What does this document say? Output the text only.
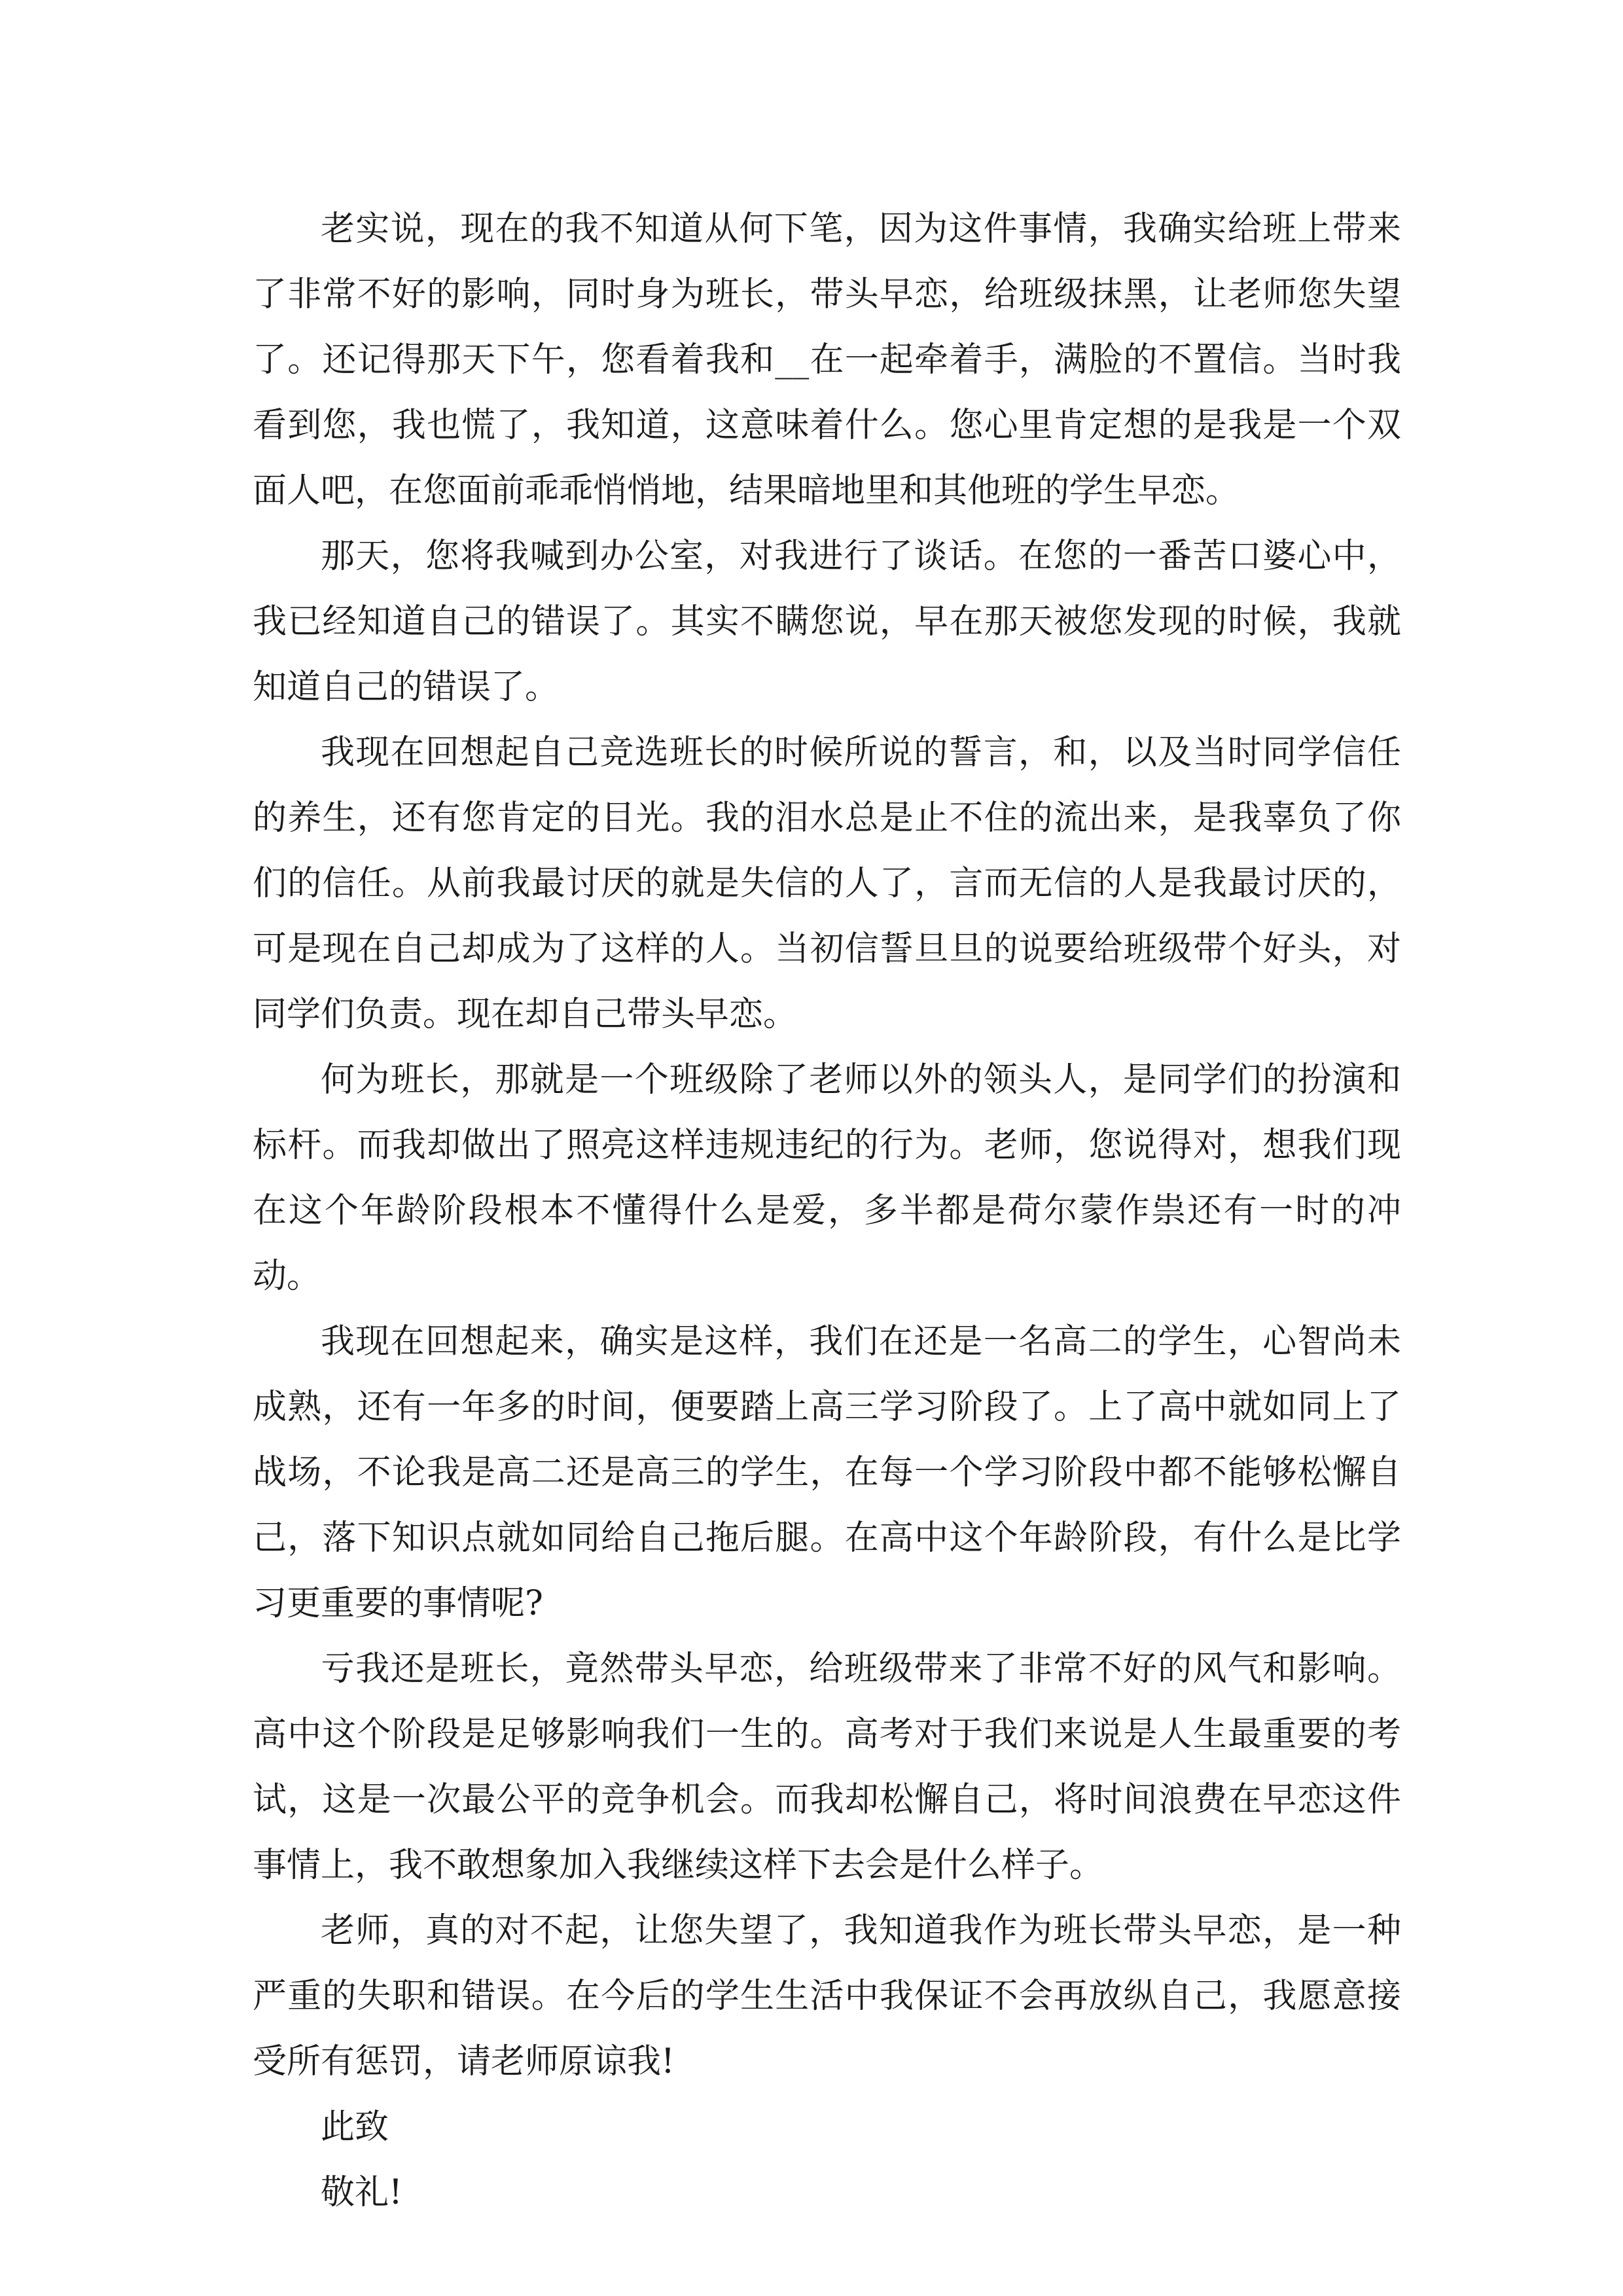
老实说，现在的我不知道从何下笔，因为这件事情，我确实给班上带来了非常不好的影响，同时身为班长，带头早恋，给班级抹黑，让老师您失望了。还记得那天下午，您看着我和__在一起牵着手，满脸的不置信。当时我看到您，我也慌了，我知道，这意味着什么。您心里肯定想的是我是一个双面人吧，在您面前乖乖悄悄地，结果暗地里和其他班的学生早恋。

那天，您将我喊到办公室，对我进行了谈话。在您的一番苦口婆心中，我已经知道自己的错误了。其实不瞒您说，早在那天被您发现的时候，我就知道自己的错误了。

我现在回想起自己竞选班长的时候所说的誓言，和，以及当时同学信任的养生，还有您肯定的目光。我的泪水总是止不住的流出来，是我辜负了你们的信任。从前我最讨厌的就是失信的人了，言而无信的人是我最讨厌的，可是现在自己却成为了这样的人。当初信誓旦旦的说要给班级带个好头，对同学们负责。现在却自己带头早恋。

何为班长，那就是一个班级除了老师以外的领头人，是同学们的扮演和标杆。而我却做出了照亮这样违规违纪的行为。老师，您说得对，想我们现在这个年龄阶段根本不懂得什么是爱，多半都是荷尔蒙作祟还有一时的冲动。

我现在回想起来，确实是这样，我们在还是一名高二的学生，心智尚未成熟，还有一年多的时间，便要踏上高三学习阶段了。上了高中就如同上了战场，不论我是高二还是高三的学生，在每一个学习阶段中都不能够松懈自己，落下知识点就如同给自己拖后腿。在高中这个年龄阶段，有什么是比学习更重要的事情呢?

亏我还是班长，竟然带头早恋，给班级带来了非常不好的风气和影响。高中这个阶段是足够影响我们一生的。高考对于我们来说是人生最重要的考试，这是一次最公平的竞争机会。而我却松懈自己，将时间浪费在早恋这件事情上，我不敢想象加入我继续这样下去会是什么样子。

老师，真的对不起，让您失望了，我知道我作为班长带头早恋，是一种严重的失职和错误。在今后的学生生活中我保证不会再放纵自己，我愿意接受所有惩罚，请老师原谅我!

此致

敬礼!
